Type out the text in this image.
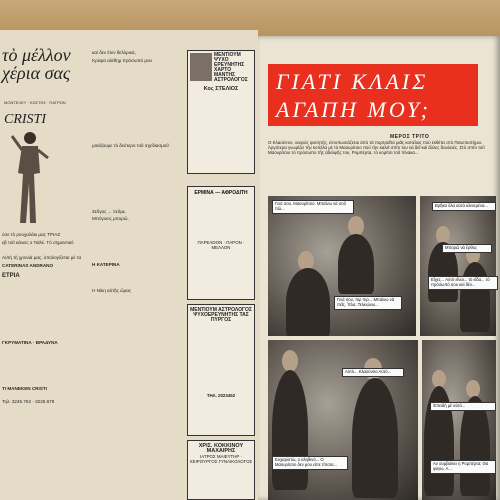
τὸ μέλλον
χέρια σας
ΜΟΝΤΕΛΕΥ · ΚΩΣΤΗΣ · ΠΑΤΡΩΝ
CRISTI

ύσε τὸ ρουχαλάκι μας ΤΡΙΑΖ

εβ τοῦ κάνεις ο Ταϊλέ. Τὸ σημαντικό

Αὐτὴ τὴ χρονιὰ μας, ὑπολογίζεται μὲ τα

CATERINAS ANDRANO

ΕΤΡΙΑ

ΓΚΡΥΜΑΤΙΝΑ · ΒΡΑΔΥΝΑ

ΤΙ ΜΑΝΕΚΕΝ CRISTI

Τηλ. 3245.762 · 3226.678

καὶ δεν ἔτεν θελλρικά,

Κρύφα αἰσθημ πρόσωπό μου

μοιάζουμε τὸ δεύτερο τοῦ σχεδιασμοῦ

Ζεῦγος ... Ξεῦμε.

Μπόγοεις μπορῶ.

Η ΚΑΤΕΡΙΝΑ

Η Νίκη αὐτῆς ὥρας

ΜΕΝΤΙΟΥΜ ΨΥΧΟ ΕΡΕΥΝΗΤΗΣ ΧΑΡΤΟ ΜΑΝΤΗΣ ΑΣΤΡΟΛΟΓΟΣ
Κος ΣΤΕΛΙΟΣ
ΕΡΜΙΝΑ — ΑΦΡΟΔΙΤΗ
ΠΑΡΕΛΘΟΝ · ΠΑΡΟΝ · ΜΕΛΛΟΝ
ΜΕΝΤΙΟΥΜ ΑΣΤΡΟΛΟΓΟΣ ΨΥΧΟΕΡΕΥΝΗΤΗΣ ΤΑΣ ΠΥΡΓΟΣ
ΤΗΛ. 2023452
ΧΡΙΣ. ΚΟΚΚΙΝΟΥ ΜΑΧΑΙΡΗΣ
ΙΑΤΡΟΣ ΜΑΙΕΥΤΗΡ · ΧΕΙΡΟΥΡΓΟΣ ΓΥΝΑΙΚΟΛΟΓΟΣ
ΓΙΑΤΙ ΚΛΑΙΣ ΑΓΑΠΗ ΜΟΥ;
ΜΕΡΟΣ ΤΡΙΤΟ
Ο Κλαούντιο, νεαρός φοιτητής, ἐντυπωσιάζεται ἀπὸ τὰ πορτραῖτα μιᾶς κοπέλας ποὺ ἐκθέτει στὸ Πανεπιστήμιο. Ἀργότερα γνωρίζει τὴν κοπέλα μὲ τὸ Μαουρίτσιο ποὺ τὴν καλεῖ σπίτι του νὰ δεῖ καὶ ἄλλες δουλειές. Στὸ σπίτι τοῦ Μαουρίτσιο τὸ πρόσωπο τῆς ἀδελφῆς του, Ρομπέρτα, τὸ κορίτσι τοῦ πίνακα...
Γειά σου, Μαουρίτσιο. Μπαίνω νὰ σοῦ πῶ...
Βρῆκα ὅλα αὐτὰ κλεισμένα...
Μπορῶ νὰ ἔρθω;
Γειά σου, πιρ πιρ... Μπαίνω νὰ πεῖς, Ἔλα. Τελειώνω...
Εἶχες... Αὐτὸ εἶναι... τὸ εἶδα... τὸ πρόσωπό σου καὶ δὲν...
Αὐτὸ... Κλαούντιο Αὐτό...
Ἐπειδὴ μὲ αὐτὸ...
Ευχαριστώ, ο αληθινό... Ο Μαουρίτσιο δεν μου είπε τίποτα...	Αν συμβαίνει η Ρομπέρτα; Θα φύγω, Α...
